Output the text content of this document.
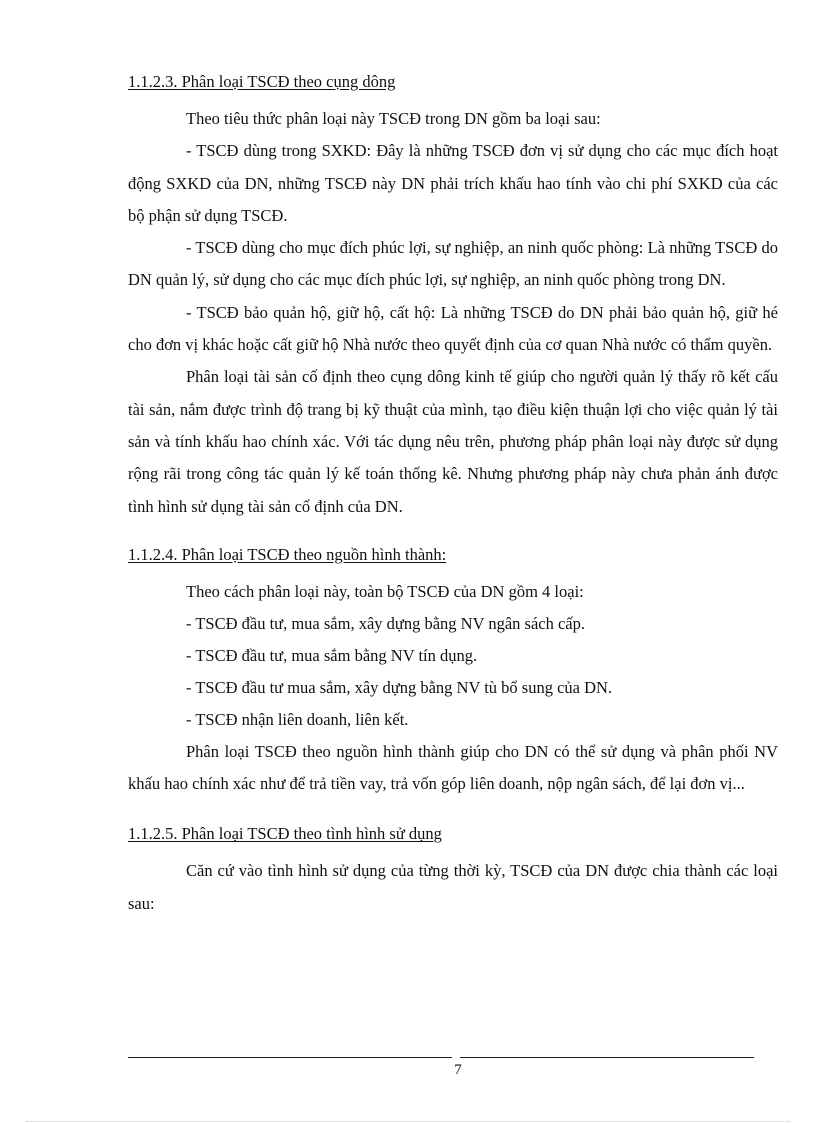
1.1.2.3. Phân loại TSCĐ theo cụng dông

Theo tiêu thức phân loại này TSCĐ trong DN gồm ba loại sau:

- TSCĐ dùng trong SXKD: Đây là những TSCĐ đơn vị sử dụng cho các mục đích hoạt động SXKD của DN, những TSCĐ này DN phải trích khấu hao tính vào chi phí SXKD của các bộ phận sử dụng TSCĐ.

- TSCĐ dùng cho mục đích phúc lợi, sự nghiệp, an ninh quốc phòng: Là những TSCĐ do DN quản lý, sử dụng cho các mục đích phúc lợi, sự nghiệp, an ninh quốc phòng trong DN.

- TSCĐ bảo quản hộ, giữ hộ, cất hộ: Là những TSCĐ do DN phải bảo quản hộ, giữ hé cho đơn vị khác hoặc cất giữ hộ Nhà nước theo quyết định của cơ quan Nhà nước có thẩm quyền.

Phân loại tài sản cố định theo cụng dông kinh tế giúp cho người quản lý thấy rõ kết cấu tài sản, nắm được trình độ trang bị kỹ thuật của mình, tạo điều kiện thuận lợi cho việc quản lý tài sản và tính khấu hao chính xác. Với tác dụng nêu trên, phương pháp phân loại này được sử dụng rộng rãi trong công tác quản lý kế toán thống kê. Nhưng phương pháp này chưa phản ánh được tình hình sử dụng tài sản cố định của DN.

1.1.2.4. Phân loại TSCĐ theo nguồn hình thành:
Theo cách phân loại này, toàn bộ TSCĐ của DN gồm 4 loại:
- TSCĐ đầu tư, mua sắm, xây dựng bằng NV ngân sách cấp.
- TSCĐ đầu tư, mua sắm bằng NV tín dụng.
- TSCĐ đầu tư mua sắm, xây dựng bằng NV tù bổ sung của DN.
- TSCĐ nhận liên doanh, liên kết.

Phân loại TSCĐ theo nguồn hình thành giúp cho DN có thể sử dụng và phân phối NV khấu hao chính xác như để trả tiền vay, trả vốn góp liên doanh, nộp ngân sách, để lại đơn vị...

1.1.2.5. Phân loại TSCĐ theo tình hình sử dụng

Căn cứ vào tình hình sử dụng của từng thời kỳ, TSCĐ của DN được chia thành các loại sau:

7
